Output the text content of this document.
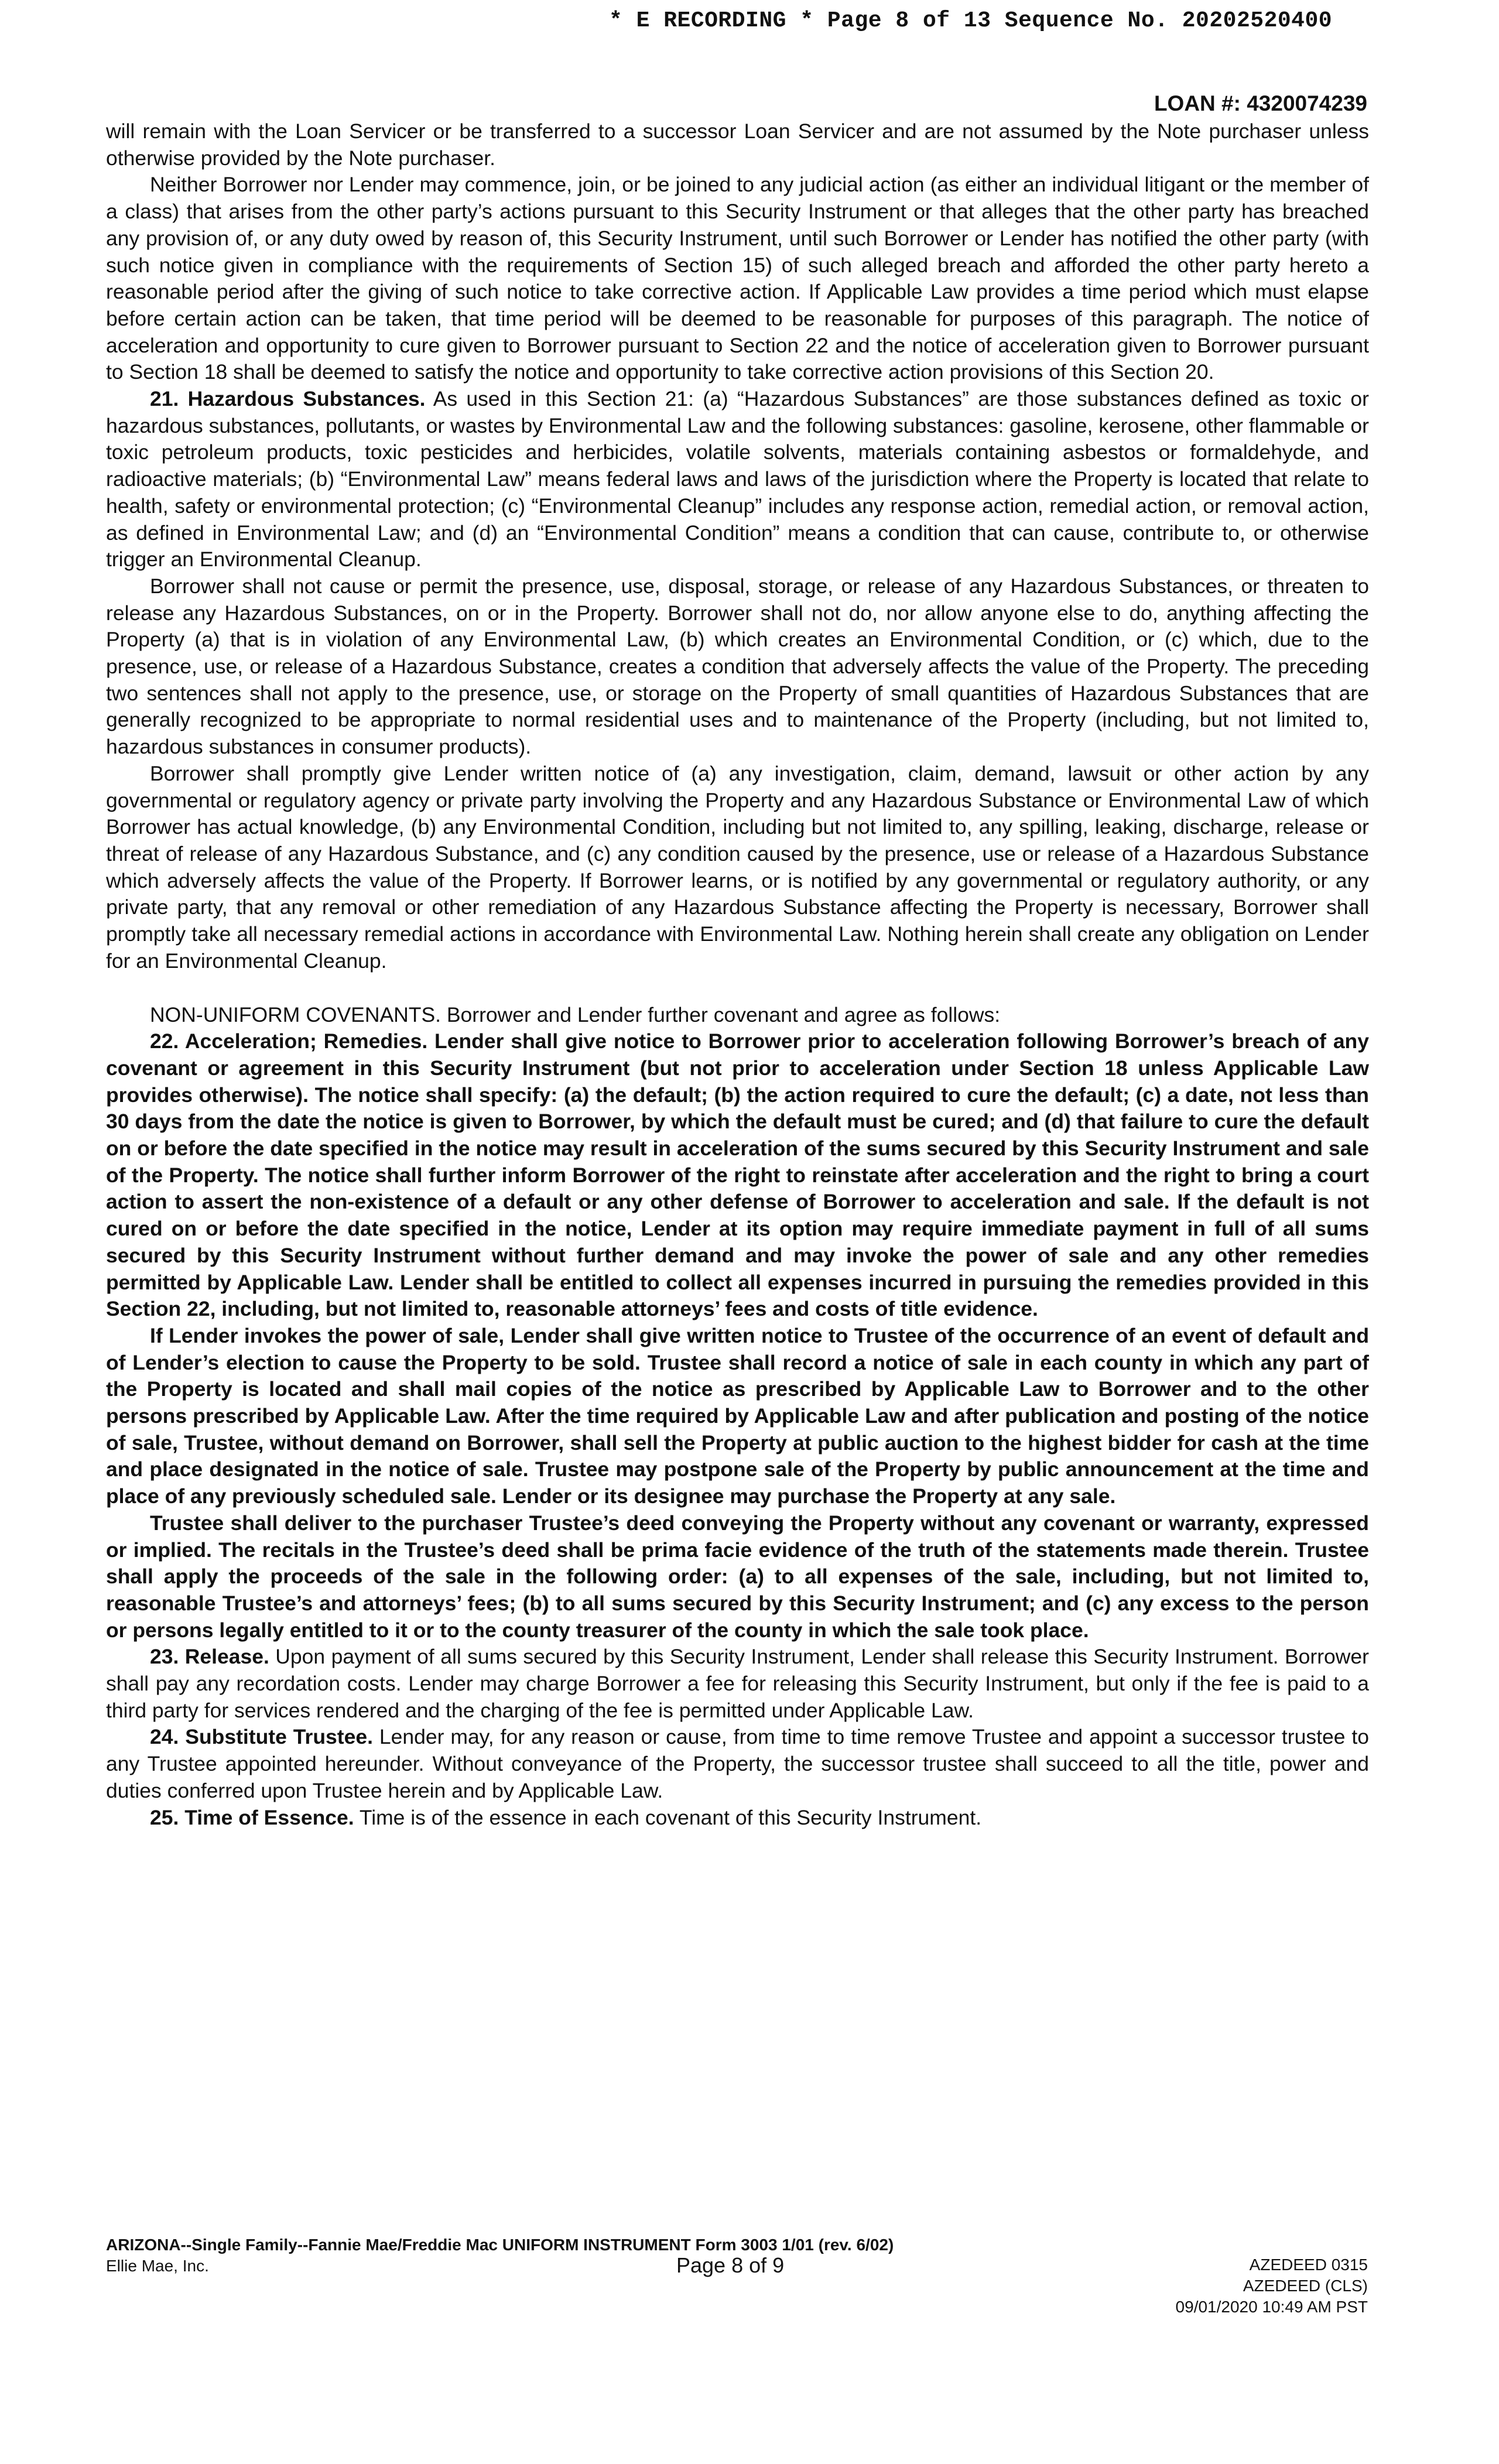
* E RECORDING * Page 8 of 13 Sequence No. 20202520400
LOAN #: 4320074239

will remain with the Loan Servicer or be transferred to a successor Loan Servicer and are not assumed by the Note purchaser unless otherwise provided by the Note purchaser.

Neither Borrower nor Lender may commence, join, or be joined to any judicial action (as either an individual litigant or the member of a class) that arises from the other party’s actions pursuant to this Security Instrument or that alleges that the other party has breached any provision of, or any duty owed by reason of, this Security Instrument, until such Borrower or Lender has notified the other party (with such notice given in compliance with the requirements of Section 15) of such alleged breach and afforded the other party hereto a reasonable period after the giving of such notice to take corrective action. If Applicable Law provides a time period which must elapse before certain action can be taken, that time period will be deemed to be reasonable for purposes of this paragraph. The notice of acceleration and opportunity to cure given to Borrower pursuant to Section 22 and the notice of acceleration given to Borrower pursuant to Section 18 shall be deemed to satisfy the notice and opportunity to take corrective action provisions of this Section 20.

21. Hazardous Substances. As used in this Section 21: (a) “Hazardous Substances” are those substances defined as toxic or hazardous substances, pollutants, or wastes by Environmental Law and the following substances: gasoline, kerosene, other flammable or toxic petroleum products, toxic pesticides and herbicides, volatile solvents, materials containing asbestos or formaldehyde, and radioactive materials; (b) “Environmental Law” means federal laws and laws of the jurisdiction where the Property is located that relate to health, safety or environmental protection; (c) “Environmental Cleanup” includes any response action, remedial action, or removal action, as defined in Environmental Law; and (d) an “Environmental Condition” means a condition that can cause, contribute to, or otherwise trigger an Environmental Cleanup.

Borrower shall not cause or permit the presence, use, disposal, storage, or release of any Hazardous Substances, or threaten to release any Hazardous Substances, on or in the Property. Borrower shall not do, nor allow anyone else to do, anything affecting the Property (a) that is in violation of any Environmental Law, (b) which creates an Environmental Condition, or (c) which, due to the presence, use, or release of a Hazardous Substance, creates a condition that adversely affects the value of the Property. The preceding two sentences shall not apply to the presence, use, or storage on the Property of small quantities of Hazardous Substances that are generally recognized to be appropriate to normal residential uses and to maintenance of the Property (including, but not limited to, hazardous substances in consumer products).

Borrower shall promptly give Lender written notice of (a) any investigation, claim, demand, lawsuit or other action by any governmental or regulatory agency or private party involving the Property and any Hazardous Substance or Environmental Law of which Borrower has actual knowledge, (b) any Environmental Condition, including but not limited to, any spilling, leaking, discharge, release or threat of release of any Hazardous Substance, and (c) any condition caused by the presence, use or release of a Hazardous Substance which adversely affects the value of the Property. If Borrower learns, or is notified by any governmental or regulatory authority, or any private party, that any removal or other remediation of any Hazardous Substance affecting the Property is necessary, Borrower shall promptly take all necessary remedial actions in accordance with Environmental Law. Nothing herein shall create any obligation on Lender for an Environmental Cleanup.

NON-UNIFORM COVENANTS. Borrower and Lender further covenant and agree as follows:

22. Acceleration; Remedies. Lender shall give notice to Borrower prior to acceleration following Borrower’s breach of any covenant or agreement in this Security Instrument (but not prior to acceleration under Section 18 unless Applicable Law provides otherwise). The notice shall specify: (a) the default; (b) the action required to cure the default; (c) a date, not less than 30 days from the date the notice is given to Borrower, by which the default must be cured; and (d) that failure to cure the default on or before the date specified in the notice may result in acceleration of the sums secured by this Security Instrument and sale of the Property. The notice shall further inform Borrower of the right to reinstate after acceleration and the right to bring a court action to assert the non-existence of a default or any other defense of Borrower to acceleration and sale. If the default is not cured on or before the date specified in the notice, Lender at its option may require immediate payment in full of all sums secured by this Security Instrument without further demand and may invoke the power of sale and any other remedies permitted by Applicable Law. Lender shall be entitled to collect all expenses incurred in pursuing the remedies provided in this Section 22, including, but not limited to, reasonable attorneys’ fees and costs of title evidence.

If Lender invokes the power of sale, Lender shall give written notice to Trustee of the occurrence of an event of default and of Lender’s election to cause the Property to be sold. Trustee shall record a notice of sale in each county in which any part of the Property is located and shall mail copies of the notice as prescribed by Applicable Law to Borrower and to the other persons prescribed by Applicable Law. After the time required by Applicable Law and after publication and posting of the notice of sale, Trustee, without demand on Borrower, shall sell the Property at public auction to the highest bidder for cash at the time and place designated in the notice of sale. Trustee may postpone sale of the Property by public announcement at the time and place of any previously scheduled sale. Lender or its designee may purchase the Property at any sale.

Trustee shall deliver to the purchaser Trustee’s deed conveying the Property without any covenant or warranty, expressed or implied. The recitals in the Trustee’s deed shall be prima facie evidence of the truth of the statements made therein. Trustee shall apply the proceeds of the sale in the following order: (a) to all expenses of the sale, including, but not limited to, reasonable Trustee’s and attorneys’ fees; (b) to all sums secured by this Security Instrument; and (c) any excess to the person or persons legally entitled to it or to the county treasurer of the county in which the sale took place.

23. Release. Upon payment of all sums secured by this Security Instrument, Lender shall release this Security Instrument. Borrower shall pay any recordation costs. Lender may charge Borrower a fee for releasing this Security Instrument, but only if the fee is paid to a third party for services rendered and the charging of the fee is permitted under Applicable Law.

24. Substitute Trustee. Lender may, for any reason or cause, from time to time remove Trustee and appoint a successor trustee to any Trustee appointed hereunder. Without conveyance of the Property, the successor trustee shall succeed to all the title, power and duties conferred upon Trustee herein and by Applicable Law.

25. Time of Essence. Time is of the essence in each covenant of this Security Instrument.

ARIZONA--Single Family--Fannie Mae/Freddie Mac UNIFORM INSTRUMENT Form 3003 1/01 (rev. 6/02)
Ellie Mae, Inc.	Page 8 of 9	AZEDEED 0315
AZEDEED (CLS)
09/01/2020 10:49 AM PST
